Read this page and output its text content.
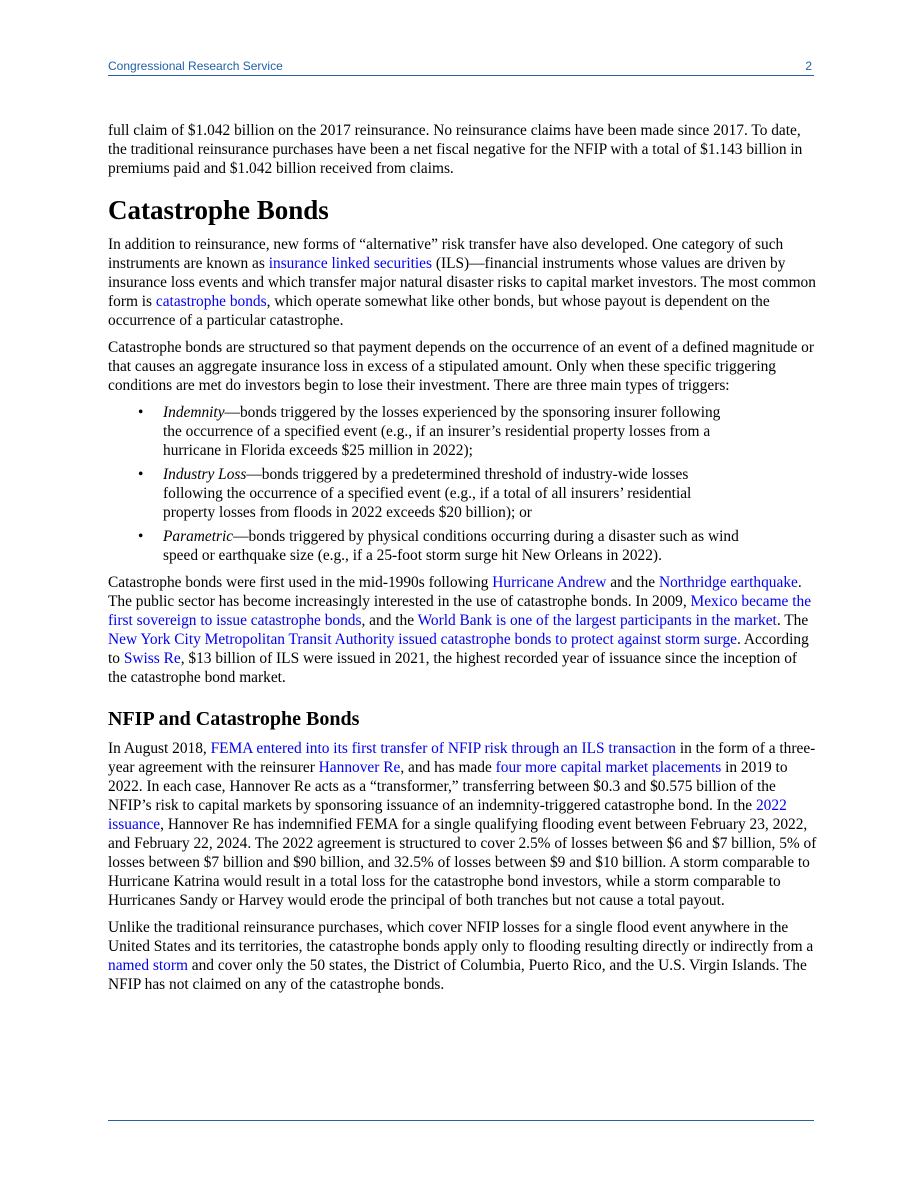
Congressional Research Service	2

full claim of $1.042 billion on the 2017 reinsurance. No reinsurance claims have been made since 2017. To date, the traditional reinsurance purchases have been a net fiscal negative for the NFIP with a total of $1.143 billion in premiums paid and $1.042 billion received from claims.

Catastrophe Bonds

In addition to reinsurance, new forms of “alternative” risk transfer have also developed. One category of such instruments are known as insurance linked securities (ILS)—financial instruments whose values are driven by insurance loss events and which transfer major natural disaster risks to capital market investors. The most common form is catastrophe bonds, which operate somewhat like other bonds, but whose payout is dependent on the occurrence of a particular catastrophe.

Catastrophe bonds are structured so that payment depends on the occurrence of an event of a defined magnitude or that causes an aggregate insurance loss in excess of a stipulated amount. Only when these specific triggering conditions are met do investors begin to lose their investment. There are three main types of triggers:

• Indemnity—bonds triggered by the losses experienced by the sponsoring insurer following the occurrence of a specified event (e.g., if an insurer’s residential property losses from a hurricane in Florida exceeds $25 million in 2022);
• Industry Loss—bonds triggered by a predetermined threshold of industry-wide losses following the occurrence of a specified event (e.g., if a total of all insurers’ residential property losses from floods in 2022 exceeds $20 billion); or
• Parametric—bonds triggered by physical conditions occurring during a disaster such as wind speed or earthquake size (e.g., if a 25-foot storm surge hit New Orleans in 2022).

Catastrophe bonds were first used in the mid-1990s following Hurricane Andrew and the Northridge earthquake. The public sector has become increasingly interested in the use of catastrophe bonds. In 2009, Mexico became the first sovereign to issue catastrophe bonds, and the World Bank is one of the largest participants in the market. The New York City Metropolitan Transit Authority issued catastrophe bonds to protect against storm surge. According to Swiss Re, $13 billion of ILS were issued in 2021, the highest recorded year of issuance since the inception of the catastrophe bond market.

NFIP and Catastrophe Bonds

In August 2018, FEMA entered into its first transfer of NFIP risk through an ILS transaction in the form of a three-year agreement with the reinsurer Hannover Re, and has made four more capital market placements in 2019 to 2022. In each case, Hannover Re acts as a “transformer,” transferring between $0.3 and $0.575 billion of the NFIP’s risk to capital markets by sponsoring issuance of an indemnity-triggered catastrophe bond. In the 2022 issuance, Hannover Re has indemnified FEMA for a single qualifying flooding event between February 23, 2022, and February 22, 2024. The 2022 agreement is structured to cover 2.5% of losses between $6 and $7 billion, 5% of losses between $7 billion and $90 billion, and 32.5% of losses between $9 and $10 billion. A storm comparable to Hurricane Katrina would result in a total loss for the catastrophe bond investors, while a storm comparable to Hurricanes Sandy or Harvey would erode the principal of both tranches but not cause a total payout.

Unlike the traditional reinsurance purchases, which cover NFIP losses for a single flood event anywhere in the United States and its territories, the catastrophe bonds apply only to flooding resulting directly or indirectly from a named storm and cover only the 50 states, the District of Columbia, Puerto Rico, and the U.S. Virgin Islands. The NFIP has not claimed on any of the catastrophe bonds.
